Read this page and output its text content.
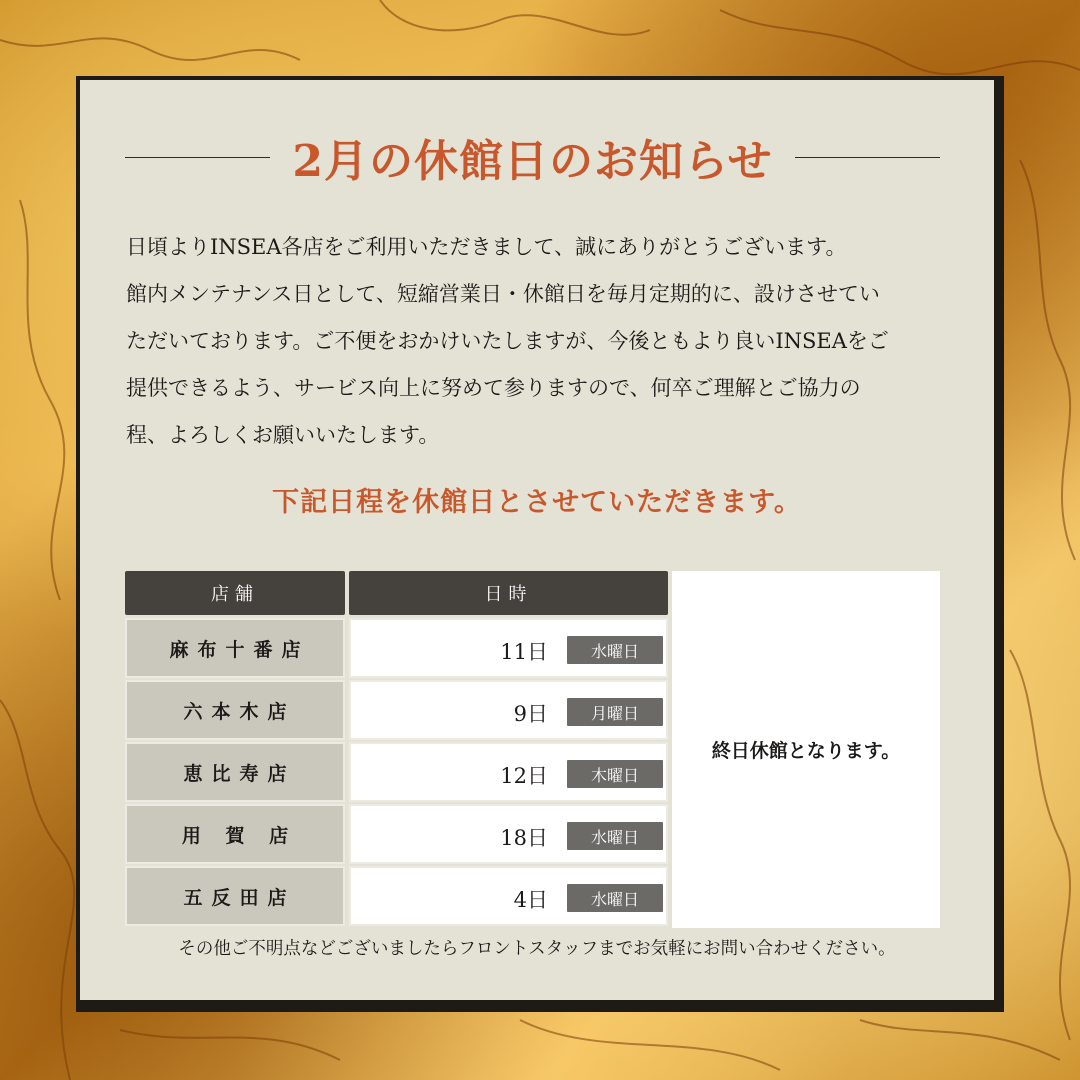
2月の休館日のお知らせ

日頃よりINSEA各店をご利用いただきまして、誠にありがとうございます。

館内メンテナンス日として、短縮営業日・休館日を毎月定期的に、設けさせてい

ただいております。ご不便をおかけいたしますが、今後ともより良いINSEAをご

提供できるよう、サービス向上に努めて参りますので、何卒ご理解とご協力の

程、よろしくお願いいたします。

下記日程を休館日とさせていただきます。
店舗	日時
麻布十番店	11日	水曜日
六本木店	9日	月曜日
恵比寿店	12日	木曜日
用 賀 店	18日	水曜日
五反田店	4日	水曜日
終日休館となります。
その他ご不明点などございましたらフロントスタッフまでお気軽にお問い合わせください。
